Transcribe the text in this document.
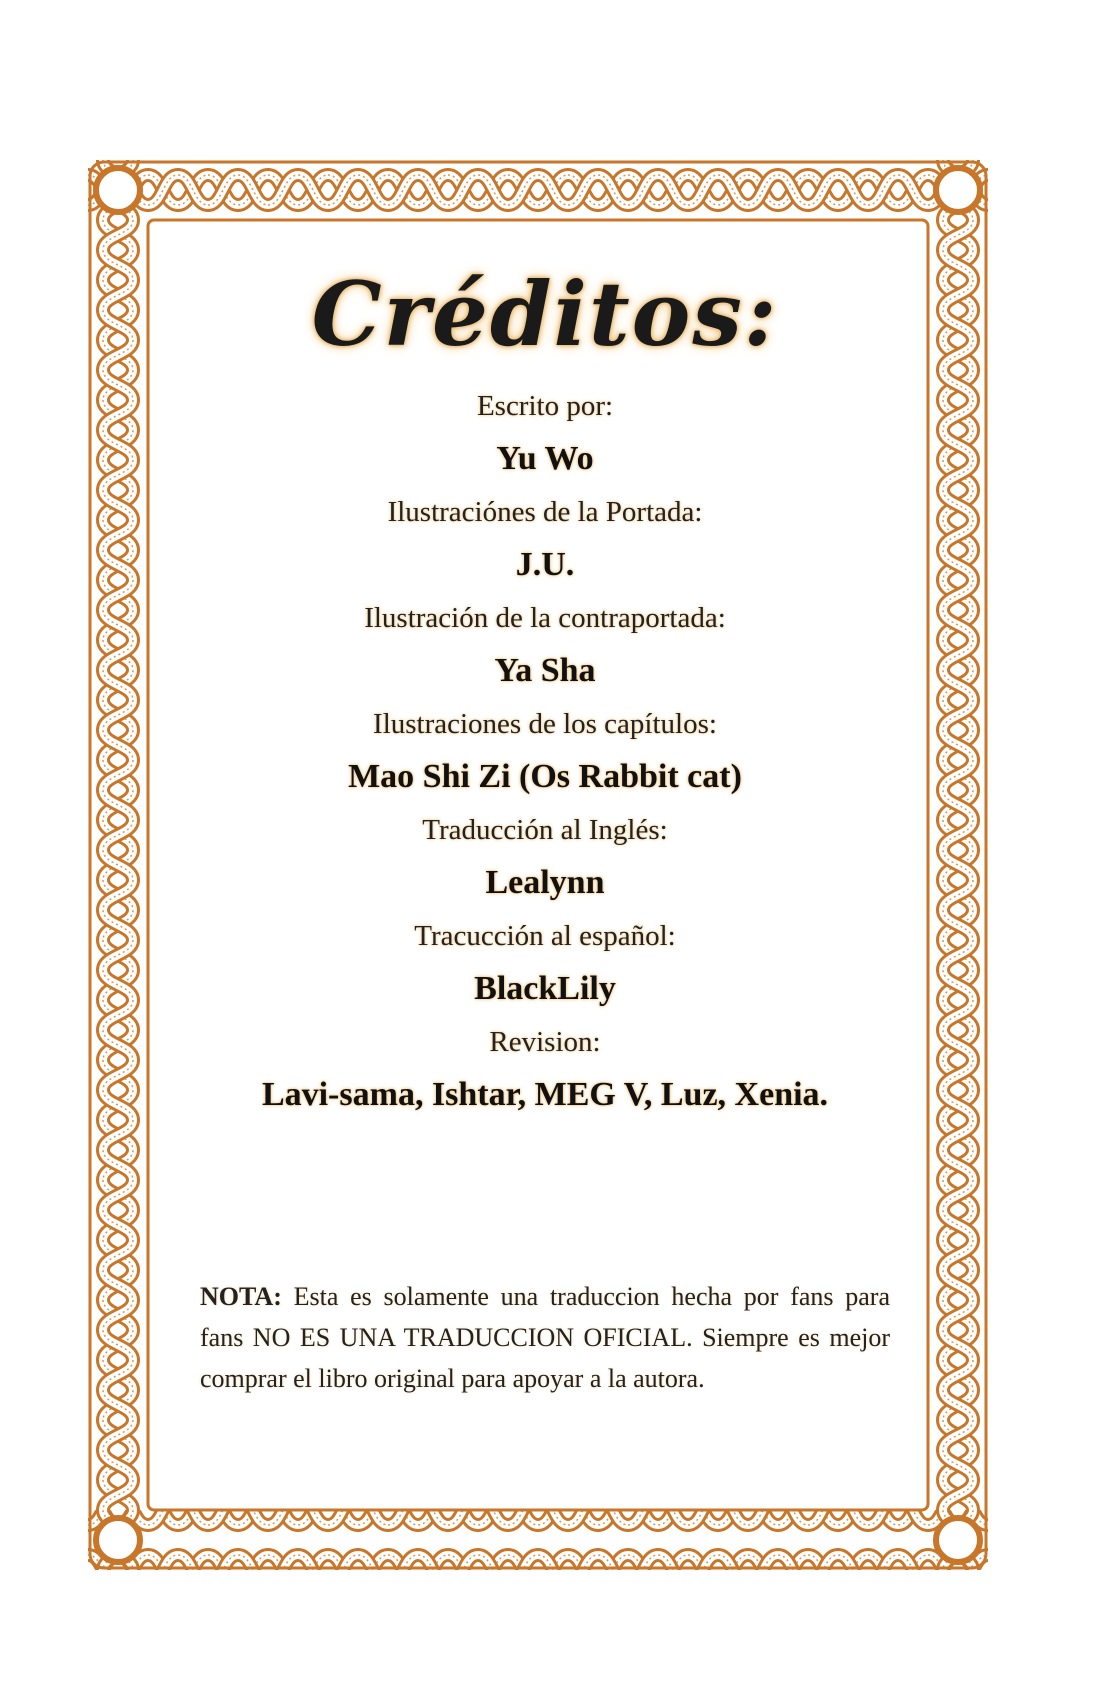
Créditos:
Escrito por:
Yu Wo
Ilustraciónes de la Portada:
J.U.
Ilustración de la contraportada:
Ya Sha
Ilustraciones de los capítulos:
Mao Shi Zi (Os Rabbit cat)
Traducción al Inglés:
Lealynn
Tracucción al español:
BlackLily
Revision:
Lavi-sama, Ishtar, MEG V, Luz, Xenia.

NOTA: Esta es solamente una traduccion hecha por fans para fans NO ES UNA TRADUCCION OFICIAL. Siempre es mejor comprar el libro original para apoyar a la autora.
